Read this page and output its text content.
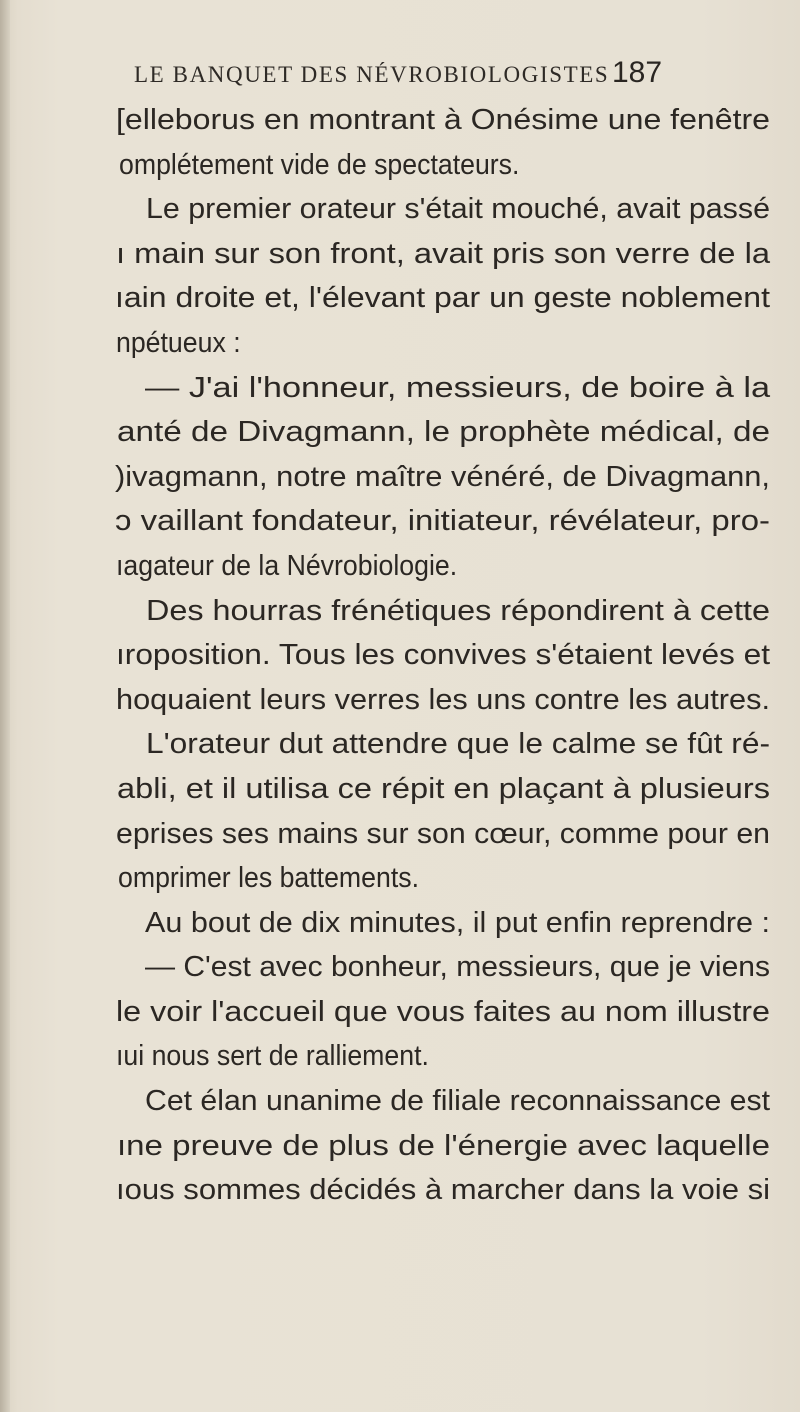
LE BANQUET DES NÉVROBIOLOGISTES 187
[elleborus en montrant à Onésime une fenêtre
omplétement vide de spectateurs.
Le premier orateur s'était mouché, avait passé
ı main sur son front, avait pris son verre de la
ıain droite et, l'élevant par un geste noblement
npétueux :
— J'ai l'honneur, messieurs, de boire à la
anté de Divagmann, le prophète médical, de
)ivagmann, notre maître vénéré, de Divagmann,
ɔ vaillant fondateur, initiateur, révélateur, pro-
ıagateur de la Névrobiologie.
Des hourras frénétiques répondirent à cette
ıroposition. Tous les convives s'étaient levés et
hoquaient leurs verres les uns contre les autres.
L'orateur dut attendre que le calme se fût ré-
abli, et il utilisa ce répit en plaçant à plusieurs
eprises ses mains sur son cœur, comme pour en
omprimer les battements.
Au bout de dix minutes, il put enfin reprendre :
— C'est avec bonheur, messieurs, que je viens
le voir l'accueil que vous faites au nom illustre
ıui nous sert de ralliement.
Cet élan unanime de filiale reconnaissance est
ıne preuve de plus de l'énergie avec laquelle
ıous sommes décidés à marcher dans la voie si
